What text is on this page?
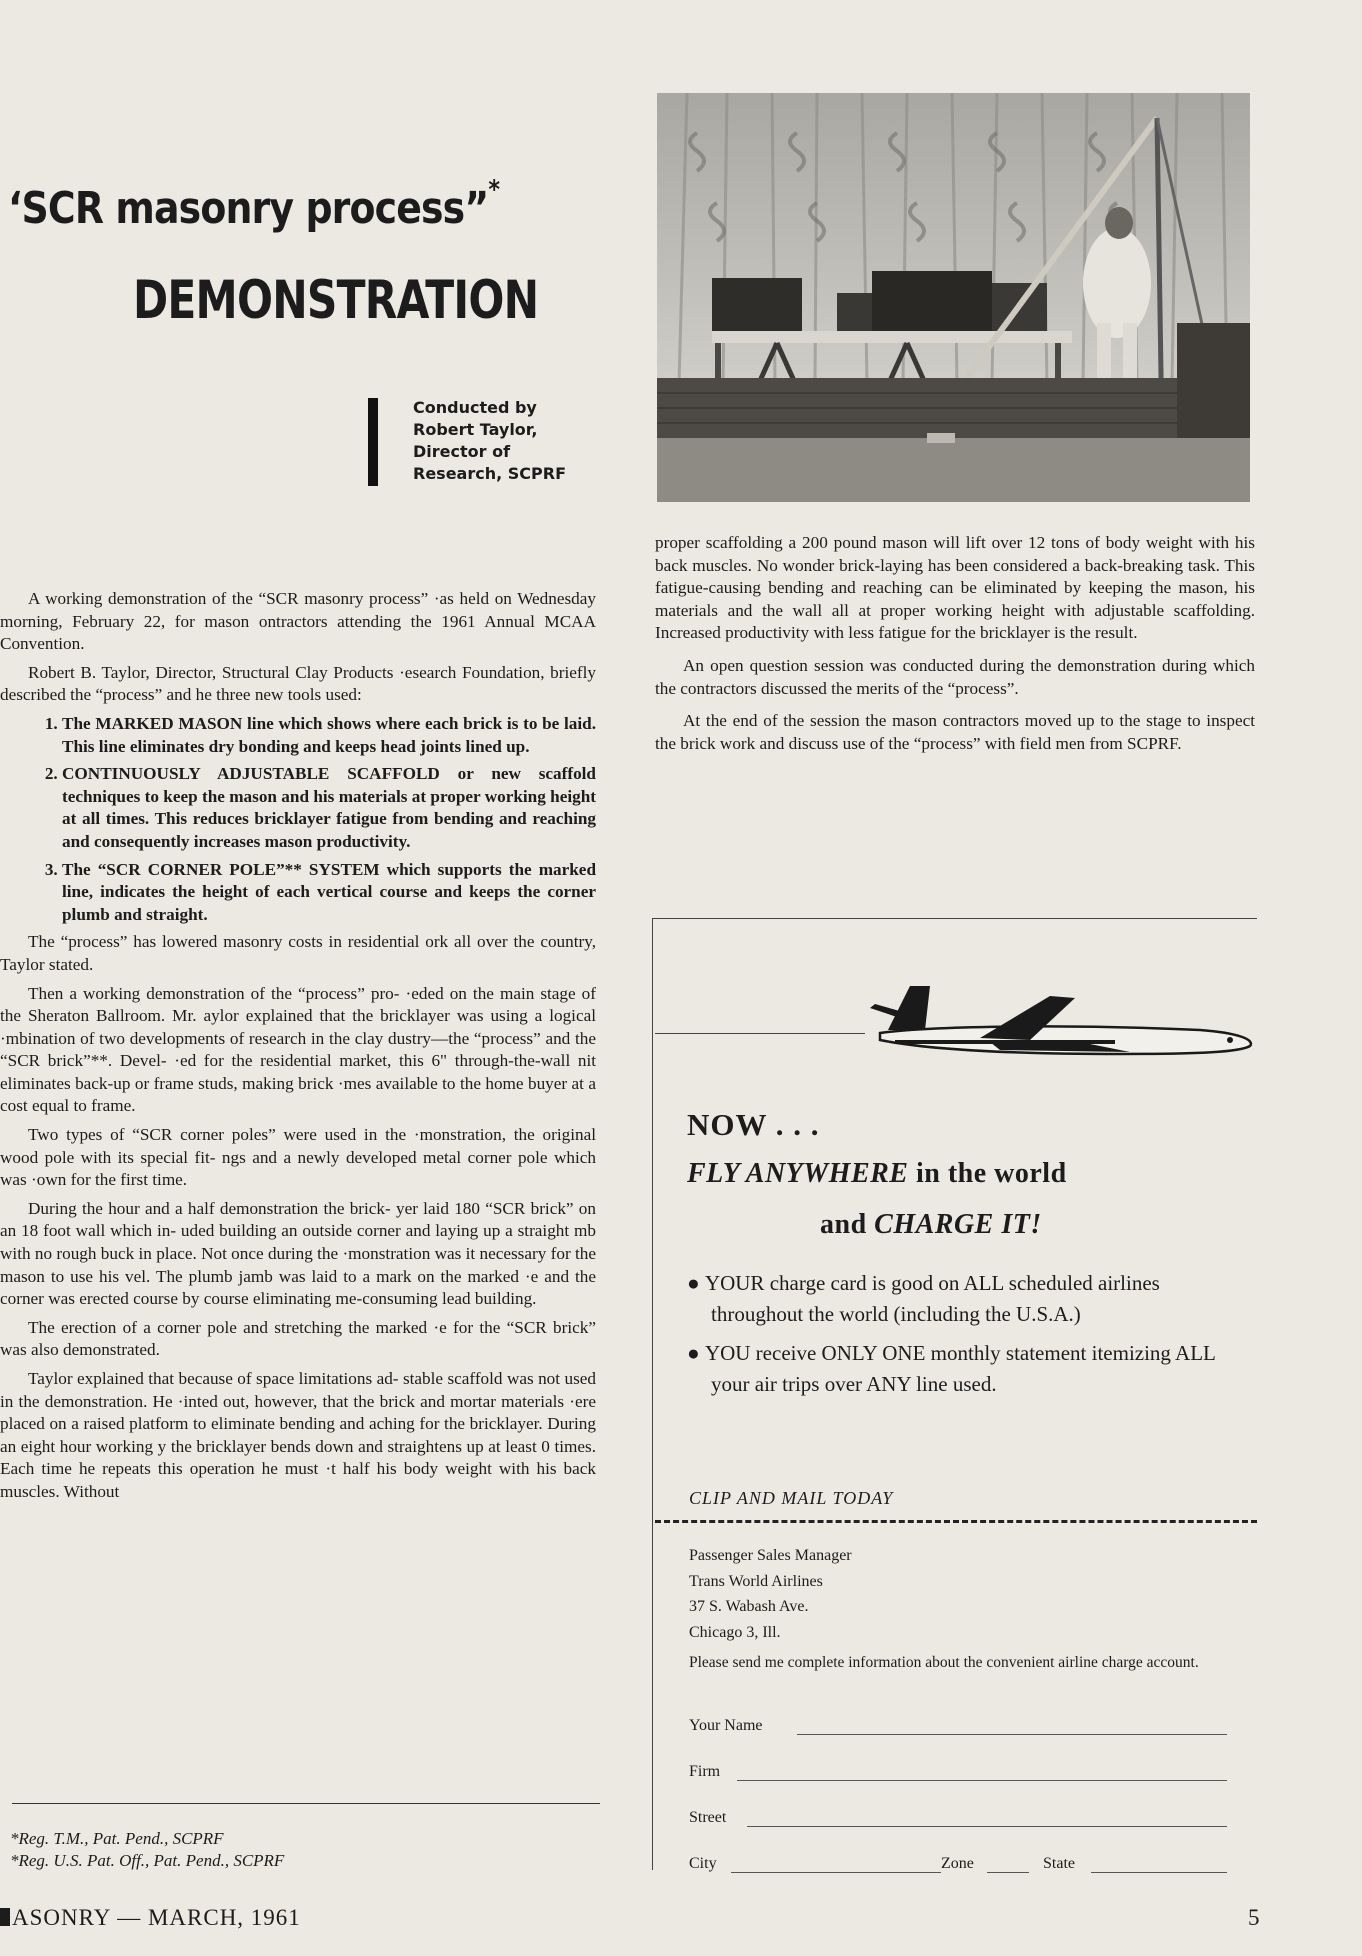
‘SCR masonry process”*
DEMONSTRATION
Conducted by
Robert Taylor,
Director of
Research, SCPRF

A working demonstration of the “SCR masonry process” ·as held on Wednesday morning, February 22, for mason ontractors attending the 1961 Annual MCAA Convention.

Robert B. Taylor, Director, Structural Clay Products ·esearch Foundation, briefly described the “process” and he three new tools used:

1. The MARKED MASON line which shows where each brick is to be laid. This line eliminates dry bonding and keeps head joints lined up.
2. CONTINUOUSLY ADJUSTABLE SCAFFOLD or new scaffold techniques to keep the mason and his materials at proper working height at all times. This reduces bricklayer fatigue from bending and reaching and consequently increases mason productivity.
3. The “SCR CORNER POLE”** SYSTEM which supports the marked line, indicates the height of each vertical course and keeps the corner plumb and straight.

The “process” has lowered masonry costs in residential ork all over the country, Taylor stated.

Then a working demonstration of the “process” pro- ·eded on the main stage of the Sheraton Ballroom. Mr. aylor explained that the bricklayer was using a logical ·mbination of two developments of research in the clay dustry—the “process” and the “SCR brick”**. Devel- ·ed for the residential market, this 6" through-the-wall nit eliminates back-up or frame studs, making brick ·mes available to the home buyer at a cost equal to frame.

Two types of “SCR corner poles” were used in the ·monstration, the original wood pole with its special fit- ngs and a newly developed metal corner pole which was ·own for the first time.

During the hour and a half demonstration the brick- yer laid 180 “SCR brick” on an 18 foot wall which in- uded building an outside corner and laying up a straight mb with no rough buck in place. Not once during the ·monstration was it necessary for the mason to use his vel. The plumb jamb was laid to a mark on the marked ·e and the corner was erected course by course eliminating me-consuming lead building.

The erection of a corner pole and stretching the marked ·e for the “SCR brick” was also demonstrated.

Taylor explained that because of space limitations ad- stable scaffold was not used in the demonstration. He ·inted out, however, that the brick and mortar materials ·ere placed on a raised platform to eliminate bending and aching for the bricklayer. During an eight hour working y the bricklayer bends down and straightens up at least 0 times. Each time he repeats this operation he must ·t half his body weight with his back muscles. Without

*Reg. T.M., Pat. Pend., SCPRF
*Reg. U.S. Pat. Off., Pat. Pend., SCPRF
ASONRY — MARCH, 1961	5

proper scaffolding a 200 pound mason will lift over 12 tons of body weight with his back muscles. No wonder brick-laying has been considered a back-breaking task. This fatigue-causing bending and reaching can be eliminated by keeping the mason, his materials and the wall all at proper working height with adjustable scaffolding. Increased productivity with less fatigue for the bricklayer is the result.

An open question session was conducted during the demonstration during which the contractors discussed the merits of the “process”.

At the end of the session the mason contractors moved up to the stage to inspect the brick work and discuss use of the “process” with field men from SCPRF.

TWA
NOW . . .
FLY ANYWHERE in the world
and CHARGE IT!
● YOUR charge card is good on ALL scheduled airlines throughout the world (including the U.S.A.)
● YOU receive ONLY ONE monthly statement itemizing ALL your air trips over ANY line used.
CLIP AND MAIL TODAY
Passenger Sales Manager
Trans World Airlines
37 S. Wabash Ave.
Chicago 3, Ill.
Please send me complete information about the convenient airline charge account.
Your Name
Firm
Street
City	Zone	State
